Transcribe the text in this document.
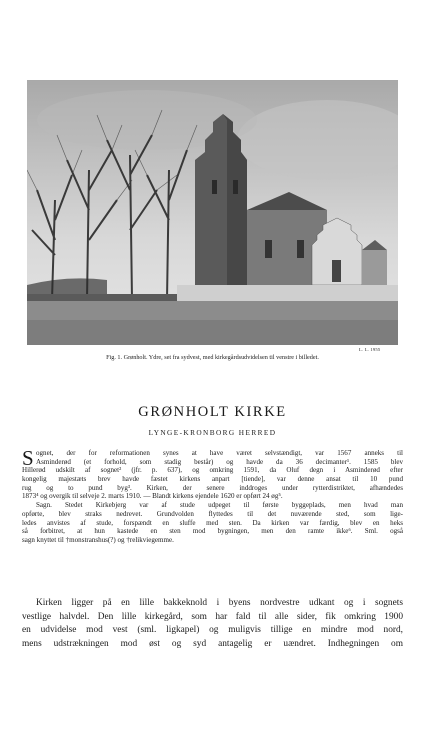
L. L. 1955
Fig. 1. Grønholt. Ydre, set fra sydvest, med kirkegårdsudvidelsen til venstre i billedet.
GRØNHOLT KIRKE
LYNGE-KRONBORG HERRED
S ognet, der for reformationen synes at have været selvstændigt, var 1567 anneks til
Asminderød (et forhold, som stadig består) og havde da 36 decimanter¹. 1585 blev
Hillerød udskilt af sognet² (jfr. p. 637), og omkring 1591, da Oluf degn i Asminderød efter
kongelig majestæts brev havde fæstet kirkens anpart [tiende], var denne ansat til 10 pund
rug og to pund byg³. Kirken, der senere inddroges under rytterdistriktet, afhændedes
1873⁴ og overgik til selveje 2. marts 1910. — Blandt kirkens ejendele 1620 er opført 24 øg⁵.
Sagn. Stedet Kirkebjerg var af stude udpeget til første byggeplads, men hvad man
opførte, blev straks nedrevet. Grundvolden flyttedes til det nuværende sted, som lige-
ledes anvistes af stude, forspændt en sluffe med sten. Da kirken var færdig, blev en heks
så forbitret, at hun kastede en sten mod bygningen, men den ramte ikke⁶. Sml. også
sagn knyttet til †monstranshus(?) og †relikviegemme.
Kirken ligger på en lille bakkeknold i byens nordvestre udkant og i sognets
vestlige halvdel. Den lille kirkegård, som har fald til alle sider, fik omkring 1900
en udvidelse mod vest (sml. ligkapel) og muligvis tillige en mindre mod nord,
mens udstrækningen mod øst og syd antagelig er uændret. Indhegningen om
